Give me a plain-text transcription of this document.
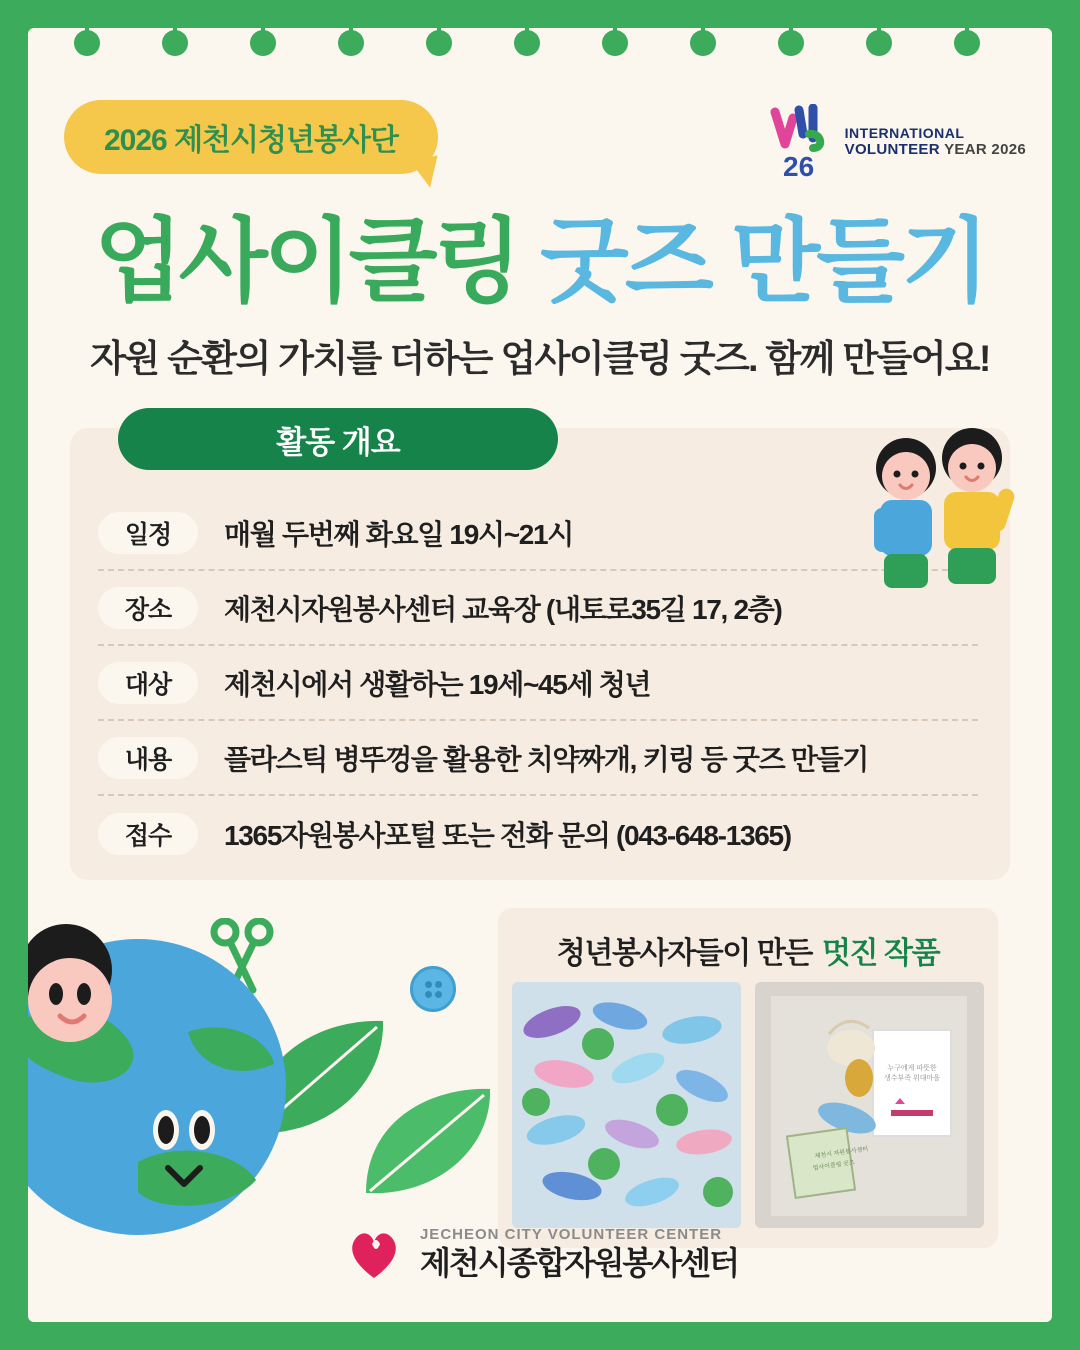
2026 제천시청년봉사단
26
INTERNATIONAL
VOLUNTEER YEAR 2026
업사이클링 굿즈 만들기
자원 순환의 가치를 더하는 업사이클링 굿즈. 함께 만들어요!
활동 개요
일정	매월 두번째 화요일 19시~21시
장소	제천시자원봉사센터 교육장 (내토로35길 17, 2층)
대상	제천시에서 생활하는 19세~45세 청년
내용	플라스틱 병뚜껑을 활용한 치약짜개, 키링 등 굿즈 만들기
접수	1365자원봉사포털 또는 전화 문의 (043-648-1365)
청년봉사자들이 만든 멋진 작품
누구에게 따뜻한
생수부족 위대마을
제천시 자원봉사센터
업사이클링 굿즈
JECHEON CITY VOLUNTEER CENTER
제천시종합자원봉사센터
